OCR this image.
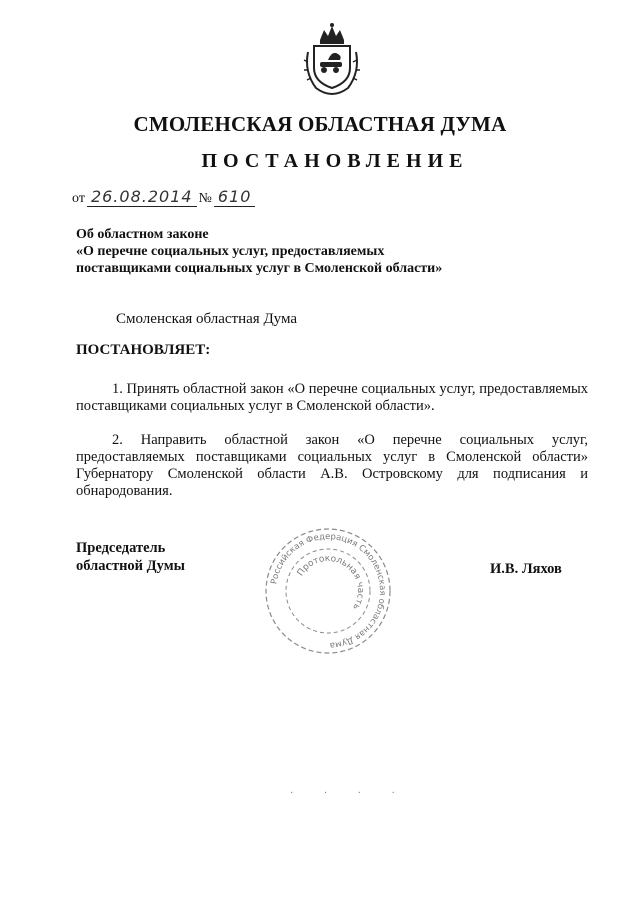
СМОЛЕНСКАЯ ОБЛАСТНАЯ ДУМА
ПОСТАНОВЛЕНИЕ
от 26.08.2014 № 610
Об областном законе
«О перечне социальных услуг, предоставляемых
поставщиками социальных услуг в Смоленской области»
Смоленская областная Дума
ПОСТАНОВЛЯЕТ:
1. Принять областной закон «О перечне социальных услуг, предоставляемых поставщиками социальных услуг в Смоленской области».
2. Направить областной закон «О перечне социальных услуг, предоставляемых поставщиками социальных услуг в Смоленской области» Губернатору Смоленской области А.В. Островскому для подписания и обнародования.
Председатель
областной Думы	И.В. Ляхов
Российская Федерация Смоленская областная Дума
Протокольная часть
· · · ·
